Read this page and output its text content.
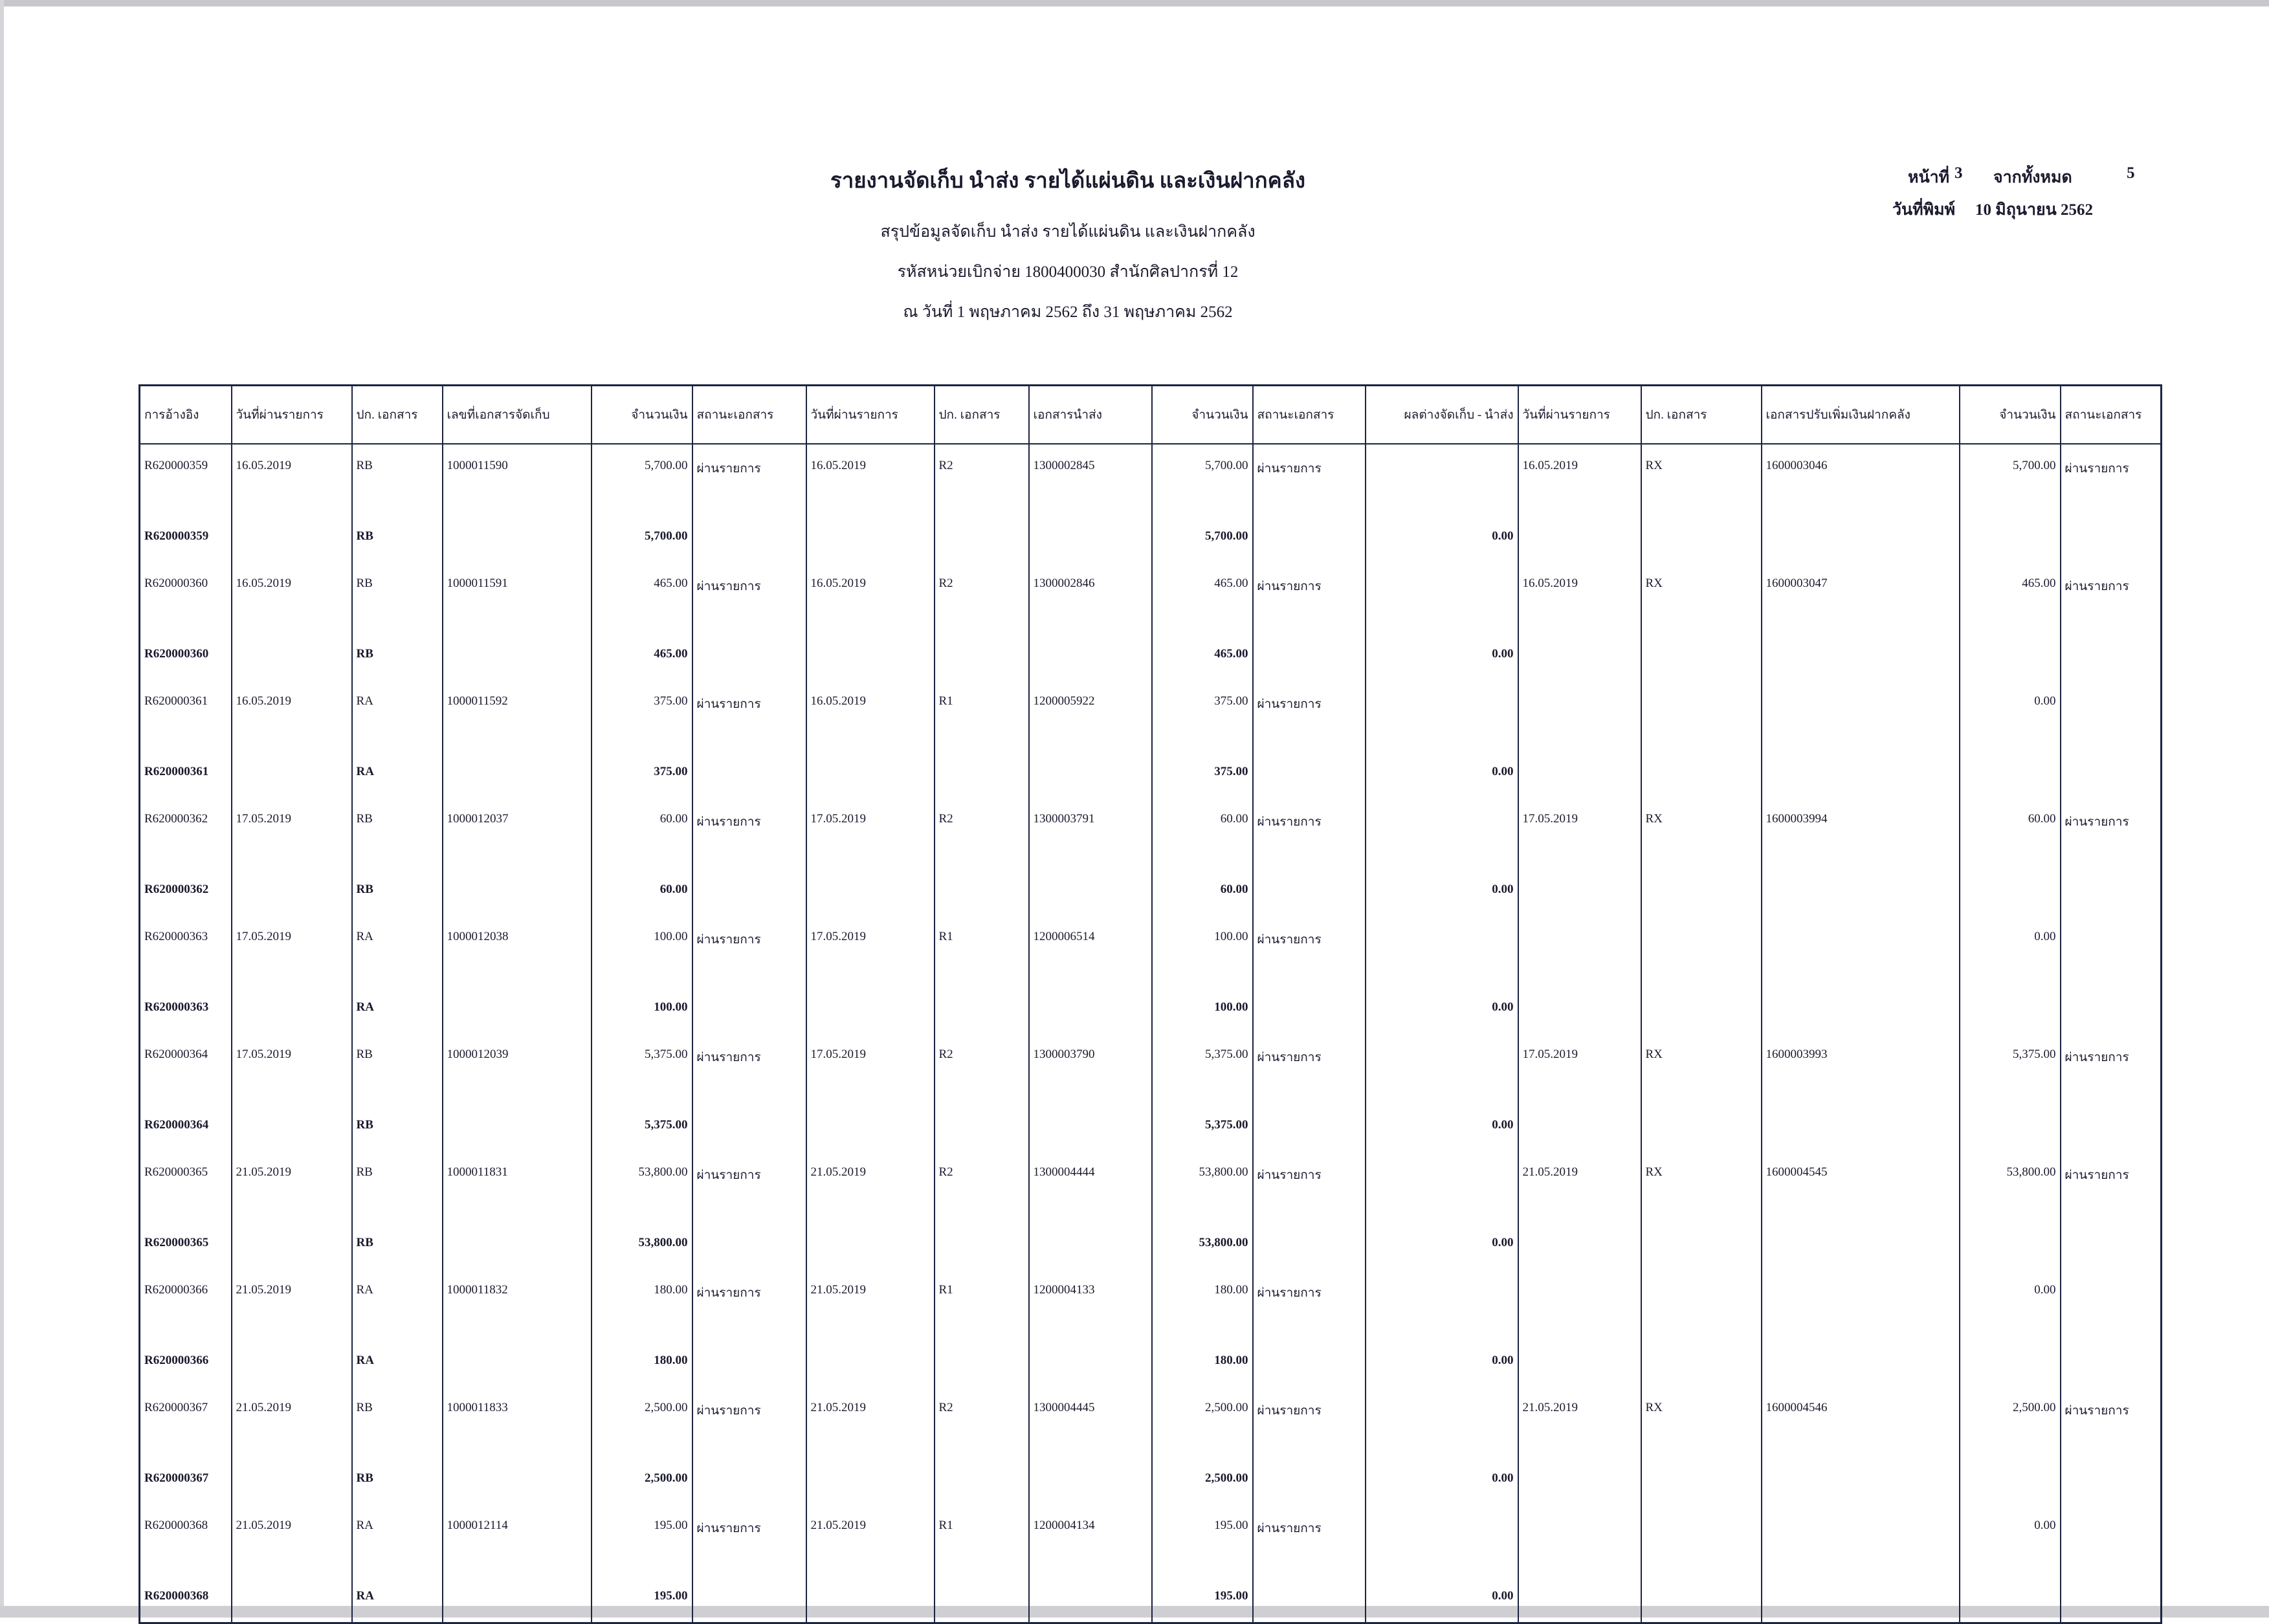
รายงานจัดเก็บ นำส่ง รายได้แผ่นดิน และเงินฝากคลัง
สรุปข้อมูลจัดเก็บ นำส่ง รายได้แผ่นดิน และเงินฝากคลัง
รหัสหน่วยเบิกจ่าย 1800400030 สำนักศิลปากรที่ 12
ณ วันที่ 1 พฤษภาคม 2562 ถึง 31 พฤษภาคม 2562
หน้าที่ 3 จากทั้งหมด	5
วันที่พิมพ์ 10 มิถุนายน 2562
การอ้างอิง	วันที่ผ่านรายการ	ปก. เอกสาร	เลขที่เอกสารจัดเก็บ	จำนวนเงิน	สถานะเอกสาร	วันที่ผ่านรายการ	ปก. เอกสาร	เอกสารนำส่ง	จำนวนเงิน	สถานะเอกสาร	ผลต่างจัดเก็บ - นำส่ง	วันที่ผ่านรายการ	ปก. เอกสาร	เอกสารปรับเพิ่มเงินฝากคลัง	จำนวนเงิน	สถานะเอกสาร
R620000359	16.05.2019	RB	1000011590	5,700.00	ผ่านรายการ	16.05.2019	R2	1300002845	5,700.00	ผ่านรายการ		16.05.2019	RX	1600003046	5,700.00	ผ่านรายการ
R620000359		RB		5,700.00					5,700.00		0.00					
R620000360	16.05.2019	RB	1000011591	465.00	ผ่านรายการ	16.05.2019	R2	1300002846	465.00	ผ่านรายการ		16.05.2019	RX	1600003047	465.00	ผ่านรายการ
R620000360		RB		465.00					465.00		0.00					
R620000361	16.05.2019	RA	1000011592	375.00	ผ่านรายการ	16.05.2019	R1	1200005922	375.00	ผ่านรายการ					0.00	
R620000361		RA		375.00					375.00		0.00					
R620000362	17.05.2019	RB	1000012037	60.00	ผ่านรายการ	17.05.2019	R2	1300003791	60.00	ผ่านรายการ		17.05.2019	RX	1600003994	60.00	ผ่านรายการ
R620000362		RB		60.00					60.00		0.00					
R620000363	17.05.2019	RA	1000012038	100.00	ผ่านรายการ	17.05.2019	R1	1200006514	100.00	ผ่านรายการ					0.00	
R620000363		RA		100.00					100.00		0.00					
R620000364	17.05.2019	RB	1000012039	5,375.00	ผ่านรายการ	17.05.2019	R2	1300003790	5,375.00	ผ่านรายการ		17.05.2019	RX	1600003993	5,375.00	ผ่านรายการ
R620000364		RB		5,375.00					5,375.00		0.00					
R620000365	21.05.2019	RB	1000011831	53,800.00	ผ่านรายการ	21.05.2019	R2	1300004444	53,800.00	ผ่านรายการ		21.05.2019	RX	1600004545	53,800.00	ผ่านรายการ
R620000365		RB		53,800.00					53,800.00		0.00					
R620000366	21.05.2019	RA	1000011832	180.00	ผ่านรายการ	21.05.2019	R1	1200004133	180.00	ผ่านรายการ					0.00	
R620000366		RA		180.00					180.00		0.00					
R620000367	21.05.2019	RB	1000011833	2,500.00	ผ่านรายการ	21.05.2019	R2	1300004445	2,500.00	ผ่านรายการ		21.05.2019	RX	1600004546	2,500.00	ผ่านรายการ
R620000367		RB		2,500.00					2,500.00		0.00					
R620000368	21.05.2019	RA	1000012114	195.00	ผ่านรายการ	21.05.2019	R1	1200004134	195.00	ผ่านรายการ					0.00	
R620000368		RA		195.00					195.00		0.00					
